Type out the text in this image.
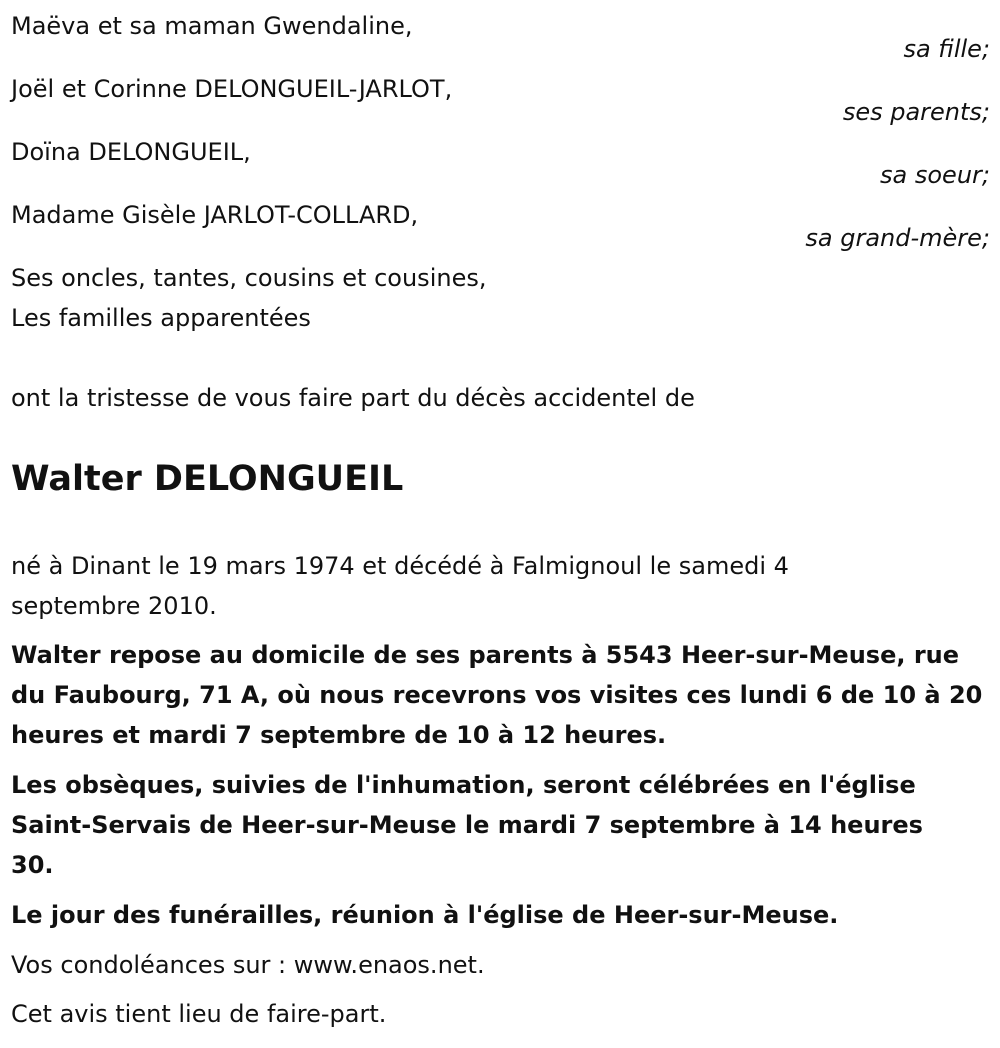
Maëva et sa maman Gwendaline,
sa fille;
Joël et Corinne DELONGUEIL-JARLOT,
ses parents;
Doïna DELONGUEIL,
sa soeur;
Madame Gisèle JARLOT-COLLARD,
sa grand-mère;
Ses oncles, tantes, cousins et cousines,
Les familles apparentées
ont la tristesse de vous faire part du décès accidentel de
Walter DELONGUEIL
né à Dinant le 19 mars 1974 et décédé à Falmignoul le samedi 4 septembre 2010.
Walter repose au domicile de ses parents à 5543 Heer-sur-Meuse, rue du Faubourg, 71 A, où nous recevrons vos visites ces lundi 6 de 10 à 20 heures et mardi 7 septembre de 10 à 12 heures.
Les obsèques, suivies de l'inhumation, seront célébrées en l'église Saint-Servais de Heer-sur-Meuse le mardi 7 septembre à 14 heures 30.
Le jour des funérailles, réunion à l'église de Heer-sur-Meuse.
Vos condoléances sur : www.enaos.net.
Cet avis tient lieu de faire-part.
